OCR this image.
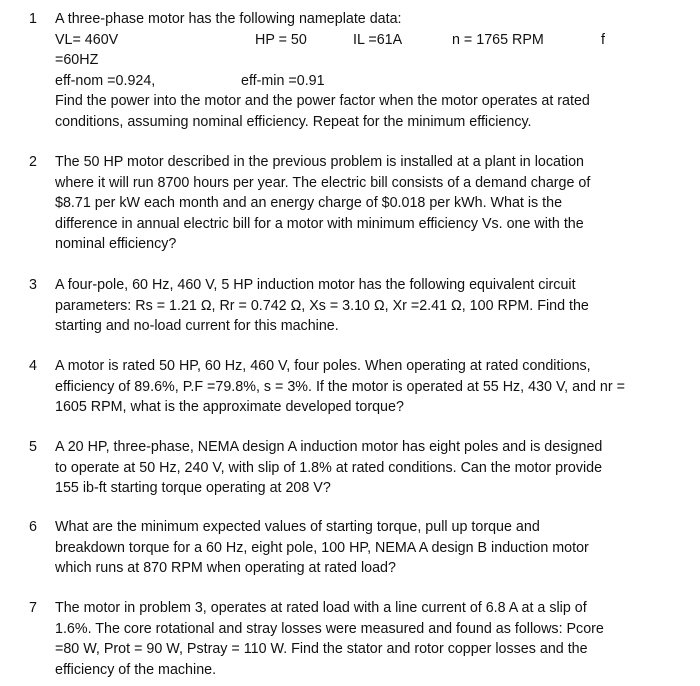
1	A three-phase motor has the following nameplate data:
VL= 460V	HP = 50	IL =61A	n = 1765 RPM	f
=60HZ
eff-nom =0.924,	eff-min =0.91
Find the power into the motor and the power factor when the motor operates at rated
conditions, assuming nominal efficiency. Repeat for the minimum efficiency.
2	The 50 HP motor described in the previous problem is installed at a plant in location
where it will run 8700 hours per year. The electric bill consists of a demand charge of
$8.71 per kW each month and an energy charge of $0.018 per kWh. What is the
difference in annual electric bill for a motor with minimum efficiency Vs. one with the
nominal efficiency?
3	A four-pole, 60 Hz, 460 V, 5 HP induction motor has the following equivalent circuit
parameters: Rs = 1.21 Ω, Rr = 0.742 Ω, Xs = 3.10 Ω, Xr =2.41 Ω, 100 RPM. Find the
starting and no-load current for this machine.
4	A motor is rated 50 HP, 60 Hz, 460 V, four poles. When operating at rated conditions,
efficiency of 89.6%, P.F =79.8%, s = 3%. If the motor is operated at 55 Hz, 430 V, and nr =
1605 RPM, what is the approximate developed torque?
5	A 20 HP, three-phase, NEMA design A induction motor has eight poles and is designed
to operate at 50 Hz, 240 V, with slip of 1.8% at rated conditions. Can the motor provide
155 ib-ft starting torque operating at 208 V?
6	What are the minimum expected values of starting torque, pull up torque and
breakdown torque for a 60 Hz, eight pole, 100 HP, NEMA A design B induction motor
which runs at 870 RPM when operating at rated load?
7	The motor in problem 3, operates at rated load with a line current of 6.8 A at a slip of
1.6%. The core rotational and stray losses were measured and found as follows: Pcore
=80 W, Prot = 90 W, Pstray = 110 W. Find the stator and rotor copper losses and the
efficiency of the machine.
